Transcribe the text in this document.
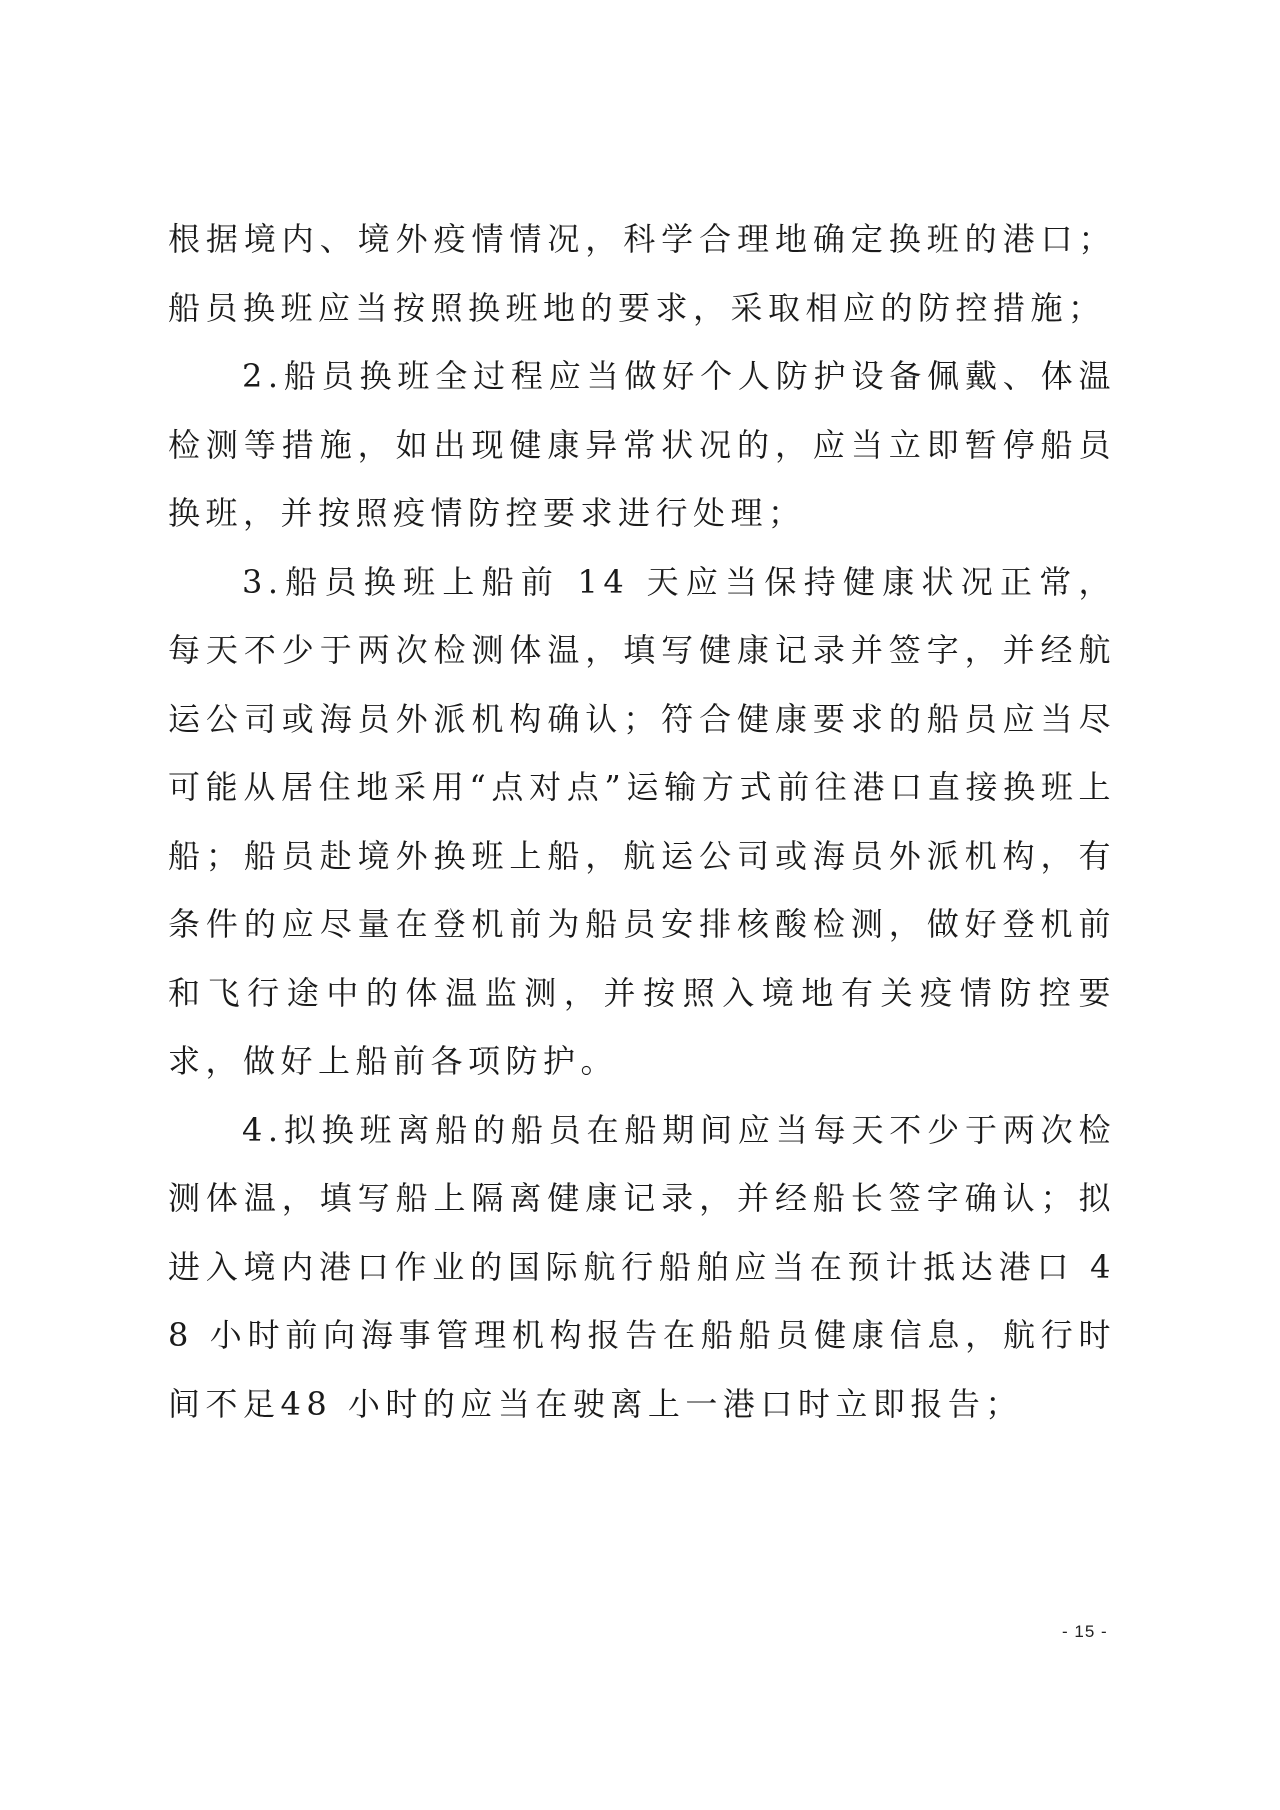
根据境内、境外疫情情况，科学合理地确定换班的港口；船员换班应当按照换班地的要求，采取相应的防控措施；

2.船员换班全过程应当做好个人防护设备佩戴、体温检测等措施，如出现健康异常状况的，应当立即暂停船员换班，并按照疫情防控要求进行处理；

3.船员换班上船前 14 天应当保持健康状况正常，每天不少于两次检测体温，填写健康记录并签字，并经航运公司或海员外派机构确认；符合健康要求的船员应当尽可能从居住地采用“点对点”运输方式前往港口直接换班上船；船员赴境外换班上船，航运公司或海员外派机构，有条件的应尽量在登机前为船员安排核酸检测，做好登机前和飞行途中的体温监测，并按照入境地有关疫情防控要求，做好上船前各项防护。

4.拟换班离船的船员在船期间应当每天不少于两次检测体温，填写船上隔离健康记录，并经船长签字确认；拟进入境内港口作业的国际航行船舶应当在预计抵达港口 48 小时前向海事管理机构报告在船船员健康信息，航行时间不足48 小时的应当在驶离上一港口时立即报告；

- 15 -
